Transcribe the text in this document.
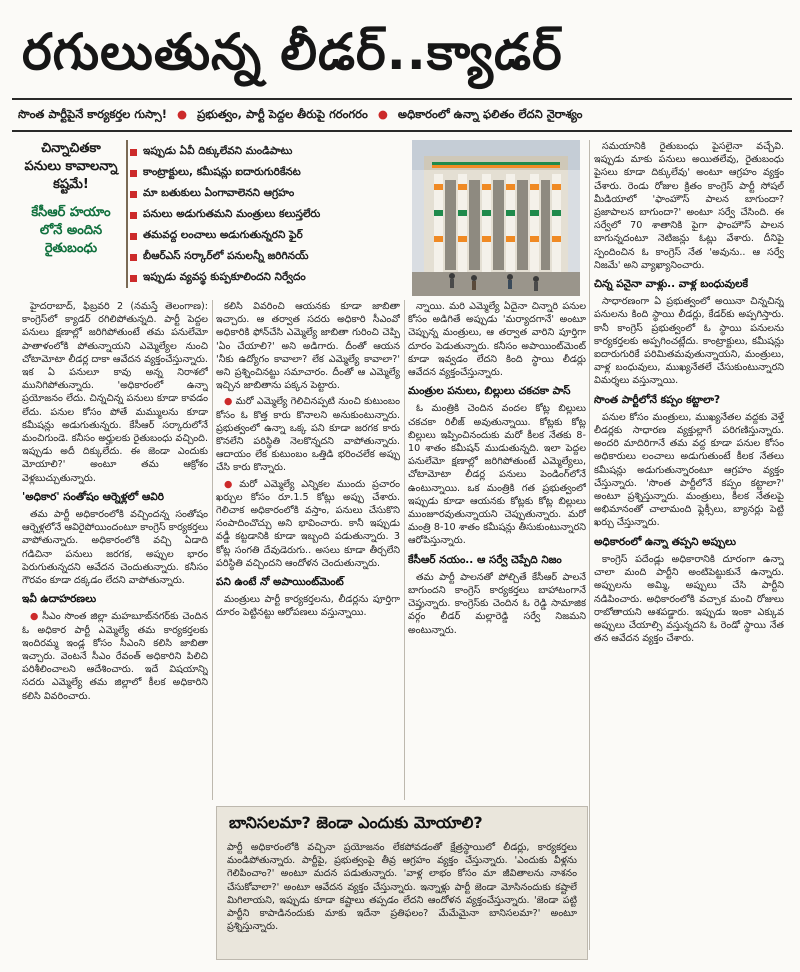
రగులుతున్న లీడర్..క్యాడర్
సొంత పార్టీపైనే కార్యకర్తల గుస్సా! ● ప్రభుత్వం, పార్టీ పెద్దల తీరుపై గరంగరం ● అధికారంలో ఉన్నా ఫలితం లేదని నైరాశ్యం
చిన్నాచితకా పనులు కావాలన్నా కష్టమే!
కేసీఆర్ హయాం లోనే అందిన రైతుబంధు
ఇప్పుడు ఏవీ దిక్కులేవని మండిపాటు
కాంట్రాక్టులు, కమీషన్లు ఐదారుగురికేనట
మా బతుకులు ఏంగావాలెనని ఆగ్రహం
పనులు అడుగుతమని మంత్రులు కలుస్తలేరు
తమవద్ద లంచాలు అడుగుతున్నరని ఫైర్
బీఆర్‌ఎస్ సర్కార్‌లో పనులన్నీ జరిగినయ్
ఇప్పుడు వ్యవస్థ కుప్పకూలిందని నిర్వేదం

హైదరాబాద్, ఫిబ్రవరి 2 (నమస్తే తెలంగాణ): కాంగ్రెస్‌లో క్యాడర్ రగిలిపోతున్నది. పార్టీ పెద్దల పనులు క్షణాల్లో జరిగిపోతుంటే తమ పనులేమో పాతాళంలోకి పోతున్నాయని ఎమ్మెల్యేల నుంచి చోటామోటా లీడర్ల దాకా ఆవేదన వ్యక్తంచేస్తున్నారు. ఇక ఏ పనులూ కావు అన్న నిరాశలో మునిగిపోతున్నారు. 'అధికారంలో ఉన్నా ప్రయోజనం లేదు. చిన్నచిన్న పనులు కూడా కావడం లేదు. పనుల కోసం పోతే మమ్ములను కూడా కమీషన్లు అడుగుతున్నరు. కేసీఆర్ సర్కారులోనే మంచిగుండె. కనీసం అర్హులకు రైతుబంధు వచ్చింది. ఇప్పుడు అదీ దిక్కులేదు. ఈ జెండా ఎందుకు మోయాలి?' అంటూ తమ ఆక్రోశం వెళ్లబుచ్చుతున్నారు.

'అధికార' సంతోషం ఆర్నెళ్లలో ఆవిరి

తమ పార్టీ అధికారంలోకి వచ్చిందన్న సంతోషం ఆర్నెళ్లలోనే ఆవిరైపోయిందంటూ కాంగ్రెస్ కార్యకర్తలు వాపోతున్నారు. అధికారంలోకి వచ్చి ఏడాది గడిచినా పనులు జరగక, అప్పుల భారం పెరుగుతున్నదని ఆవేదన చెందుతున్నారు. కనీసం గౌరవం కూడా దక్కడం లేదని వాపోతున్నారు.

ఇవీ ఉదాహరణలు

● సీఎం సొంత జిల్లా మహబూబ్‌నగర్‌కు చెందిన ఓ అధికార పార్టీ ఎమ్మెల్యే తమ కార్యకర్తలకు ఇందిరమ్మ ఇండ్ల కోసం సీఎంని కలిసి జాబితా ఇచ్చారు. వెంటనే సీఎం రేవంత్ అధికారిని పిలిచి పరిశీలించాలని ఆదేశించారు. ఇదే విషయాన్ని సదరు ఎమ్మెల్యే తమ జిల్లాలో కీలక అధికారిని కలిసి వివరించారు.

కలిసి వివరించి ఆయనకు కూడా జాబితా ఇచ్చారు. ఆ తర్వాత సదరు అధికారి సీఎంవో అధికారికి ఫోన్‌చేసి ఎమ్మెల్యే జాబితా గురించి చెప్పి 'ఏం చేయాలి?' అని అడిగారు. దీంతో ఆయన 'నీకు ఉద్యోగం కావాలా? లేక ఎమ్మెల్యే కావాలా?' అని ప్రశ్నించినట్టు సమాచారం. దీంతో ఆ ఎమ్మెల్యే ఇచ్చిన జాబితాను పక్కన పెట్టారు.

● మరో ఎమ్మెల్యే గెలిచినప్పటి నుంచి కుటుంబం కోసం ఓ కొత్త కారు కొనాలని అనుకుంటున్నారు. ప్రభుత్వంలో ఉన్నా ఒక్క పని కూడా జరగక కారు కొనలేని పరిస్థితి నెలకొన్నదని వాపోతున్నారు. ఆదాయం లేక కుటుంబం ఒత్తిడి భరించలేక అప్పు చేసి కారు కొన్నారు.

● మరో ఎమ్మెల్యే ఎన్నికల ముందు ప్రచారం ఖర్చుల కోసం రూ.1.5 కోట్లు అప్పు చేశారు. గెలిచాక అధికారంలోకి వస్తాం, పనులు చేసుకొని సంపాదించొచ్చు అని భావించారు. కానీ ఇప్పుడు వడ్డీ కట్టడానికి కూడా ఇబ్బంది పడుతున్నారు. 3 కోట్ల సంగతి దేవుడెరుగు.. అసలు కూడా తీర్చలేని పరిస్థితి వచ్చిందని ఆందోళన చెందుతున్నారు.

పని ఉంటే నో అపాయింట్‌మెంట్

మంత్రులు పార్టీ కార్యకర్తలను, లీడర్లను పూర్తిగా దూరం పెట్టినట్టు ఆరోపణలు వస్తున్నాయి.

న్నాయి. మరి ఎమ్మెల్యే ఏదైనా చిన్నారి పనుల కోసం అడిగితే అప్పుడు 'మర్యాదగానే' అంటూ చెప్పున్న మంత్రులు, ఆ తర్వాత వారిని పూర్తిగా దూరం పెడుతున్నారు. కనీసం అపాయింట్‌మెంట్ కూడా ఇవ్వడం లేదని కింది స్థాయి లీడర్లు ఆవేదన వ్యక్తంచేస్తున్నారు.

మంత్రుల పనులు, బిల్లులు చకచకా పాస్

ఓ మంత్రికి చెందిన వందల కోట్ల బిల్లులు చకచకా రిలీజ్ అవుతున్నాయి. కోట్లకు కోట్ల బిల్లులు ఇప్పించినందుకు మరో కీలక నేతకు 8-10 శాతం కమీషన్ ముడుతున్నది. ఇలా పెద్దల పనులేమో క్షణాల్లో జరిగిపోతుంటే ఎమ్మెల్యేలు, చోటామోటా లీడర్ల పనులు పెండింగ్‌లోనే ఉంటున్నాయి. ఒక మంత్రికి గత ప్రభుత్వంలో ఇప్పుడు కూడా ఆయనకు కోట్లకు కోట్ల బిల్లులు ముంజూరవుతున్నాయని చెప్పుతున్నారు. మరో మంత్రి 8-10 శాతం కమీషన్లు తీసుకుంటున్నారని ఆరోపిస్తున్నారు.

కేసీఆర్ నయం.. ఆ సర్వే చెప్పేది నిజం

తమ పార్టీ పాలనతో పోల్చితే కేసీఆర్ పాలనే బాగుందని కాంగ్రెస్ కార్యకర్తలు బాహాటంగానే చెప్తున్నారు. కాంగ్రెస్‌కు చెందిన ఓ రెడ్డి సామాజిక వర్గం లీడర్ మల్లారెడ్డి సర్వే నిజమని అంటున్నారు.

సమయానికి రైతుబంధు పైసలైనా వచ్చేవి. ఇప్పుడు మాకు పనులు అయితలేవు, రైతుబంధు పైసలు కూడా దిక్కులేవు' అంటూ ఆగ్రహం వ్యక్తం చేశారు. రెండు రోజుల క్రితం కాంగ్రెస్ పార్టీ సోషల్ మీడియాలో 'ఫాంహౌస్ పాలన బాగుందా? ప్రజాపాలన బాగుందా?' అంటూ సర్వే చేసింది. ఈ సర్వేలో 70 శాతానికి పైగా ఫాంహౌస్ పాలన బాగున్నదంటూ నెటిజన్లు ఓట్లు వేశారు. దీనిపై స్పందించిన ఓ కాంగ్రెస్ నేత 'అవును.. ఆ సర్వే నిజమే' అని వ్యాఖ్యానించారు.

చిన్న పనైనా వాళ్లు.. వాళ్ల బంధువులకే

సాధారణంగా ఏ ప్రభుత్వంలో అయినా చిన్నచిన్న పనులను కింది స్థాయి లీడర్లు, కేడర్‌కు అప్పగిస్తారు. కానీ కాంగ్రెస్ ప్రభుత్వంలో ఓ స్థాయి పనులను కార్యకర్తలకు అప్పగించట్లేదు. కాంట్రాక్టులు, కమీషన్లు ఐదారుగురికే పరిమితమవుతున్నాయని, మంత్రులు, వాళ్ల బంధువులు, ముఖ్యనేతలే చేసుకుంటున్నారని విమర్శలు వస్తున్నాయి.

సొంత పార్టీలోనే కప్పం కట్టాలా?

పనుల కోసం మంత్రులు, ముఖ్యనేతల వద్దకు వెళ్తే లీడర్లకు సాధారణ వ్యక్తుల్లాగే పరిగణిస్తున్నారు. అందరి మాదిరిగానే తమ వద్ద కూడా పనుల కోసం అధికారులు లంచాలు అడుగుతుంటే కీలక నేతలు కమీషన్లు అడుగుతున్నారంటూ ఆగ్రహం వ్యక్తం చేస్తున్నారు. 'సొంత పార్టీలోనే కప్పం కట్టాలా?' అంటూ ప్రశ్నిస్తున్నారు. మంత్రులు, కీలక నేతలపై అభిమానంతో చాలామంది ఫ్లెక్సీలు, బ్యానర్లు పెట్టి ఖర్చు చేస్తున్నారు.

అధికారంలో ఉన్నా తప్పని అప్పులు

కాంగ్రెస్ పదేండ్లు అధికారానికి దూరంగా ఉన్నా చాలా మంది పార్టీని అంటిపెట్టుకునే ఉన్నారు. అప్పులను అమ్మి, అప్పులు చేసి పార్టీని నడిపించారు. అధికారంలోకి వచ్చాక మంచి రోజులు రాబోతాయని ఆశపడ్డారు. ఇప్పుడు ఇంకా ఎక్కువ అప్పులు చేయాల్సి వస్తున్నదని ఓ రెండో స్థాయి నేత తన ఆవేదన వ్యక్తం చేశారు.

బానిసలమా? జెండా ఎందుకు మోయాలి?
పార్టీ అధికారంలోకి వచ్చినా ప్రయోజనం లేకపోవడంతో క్షేత్రస్థాయిలో లీడర్లు, కార్యకర్తలు మండిపోతున్నారు. పార్టీపై, ప్రభుత్వంపై తీవ్ర ఆగ్రహం వ్యక్తం చేస్తున్నారు. 'ఎందుకు వీళ్లను గెలిపించాం?' అంటూ మదన పడుతున్నారు. 'వాళ్ల లాభం కోసం మా జీవితాలను నాశనం చేసుకోవాలా?' అంటూ ఆవేదన వ్యక్తం చేస్తున్నారు. ఇన్నాళ్లు పార్టీ జెండా మోసినందుకు కష్టాలే మిగిలాయని, ఇప్పుడు కూడా కష్టాలు తప్పడం లేదని ఆందోళన వ్యక్తంచేస్తున్నారు. 'జెండా పట్టి పార్టీని కాపాడినందుకు మాకు ఇదేనా ప్రతిఫలం? మేమేమైనా బానిసలమా?' అంటూ ప్రశ్నిస్తున్నారు.
